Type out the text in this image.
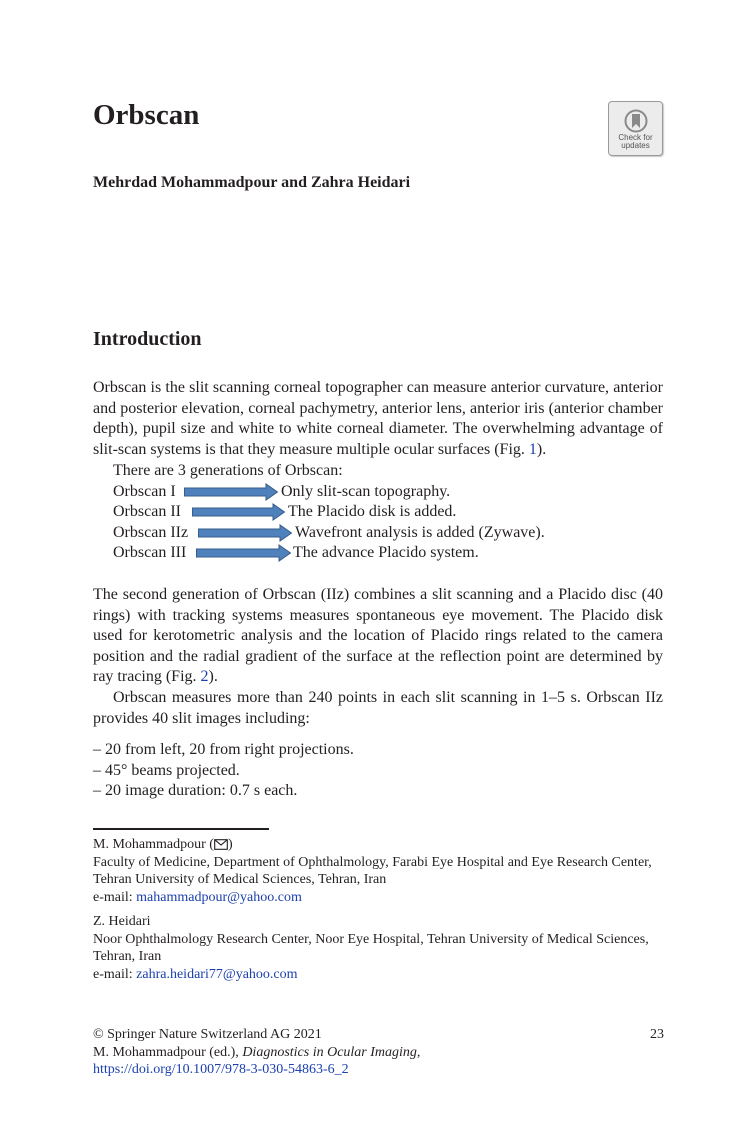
Orbscan
Check for
updates
Mehrdad Mohammadpour and Zahra Heidari
Introduction

Orbscan is the slit scanning corneal topographer can measure anterior curvature, anterior and posterior elevation, corneal pachymetry, anterior lens, anterior iris (anterior chamber depth), pupil size and white to white corneal diameter. The overwhelming advantage of slit-scan systems is that they measure multiple ocular surfaces (Fig. 1).

There are 3 generations of Orbscan:
Orbscan I	Only slit-scan topography.
Orbscan II	The Placido disk is added.
Orbscan IIz	Wavefront analysis is added (Zywave).
Orbscan III	The advance Placido system.
The second generation of Orbscan (IIz) combines a slit scanning and a Placido disc (40 rings) with tracking systems measures spontaneous eye movement. The Placido disk used for kerotometric analysis and the location of Placido rings related to the camera position and the radial gradient of the surface at the reflection point are determined by ray tracing (Fig. 2).
Orbscan measures more than 240 points in each slit scanning in 1–5 s. Orbscan IIz provides 40 slit images including:
– 20 from left, 20 from right projections.
– 45° beams projected.
– 20 image duration: 0.7 s each.
M. Mohammadpour ( )
Faculty of Medicine, Department of Ophthalmology, Farabi Eye Hospital and Eye Research Center, Tehran University of Medical Sciences, Tehran, Iran
e-mail: mahammadpour@yahoo.com
Z. Heidari
Noor Ophthalmology Research Center, Noor Eye Hospital, Tehran University of Medical Sciences, Tehran, Iran
e-mail: zahra.heidari77@yahoo.com
© Springer Nature Switzerland AG 2021
M. Mohammadpour (ed.), Diagnostics in Ocular Imaging,
https://doi.org/10.1007/978-3-030-54863-6_2
23
